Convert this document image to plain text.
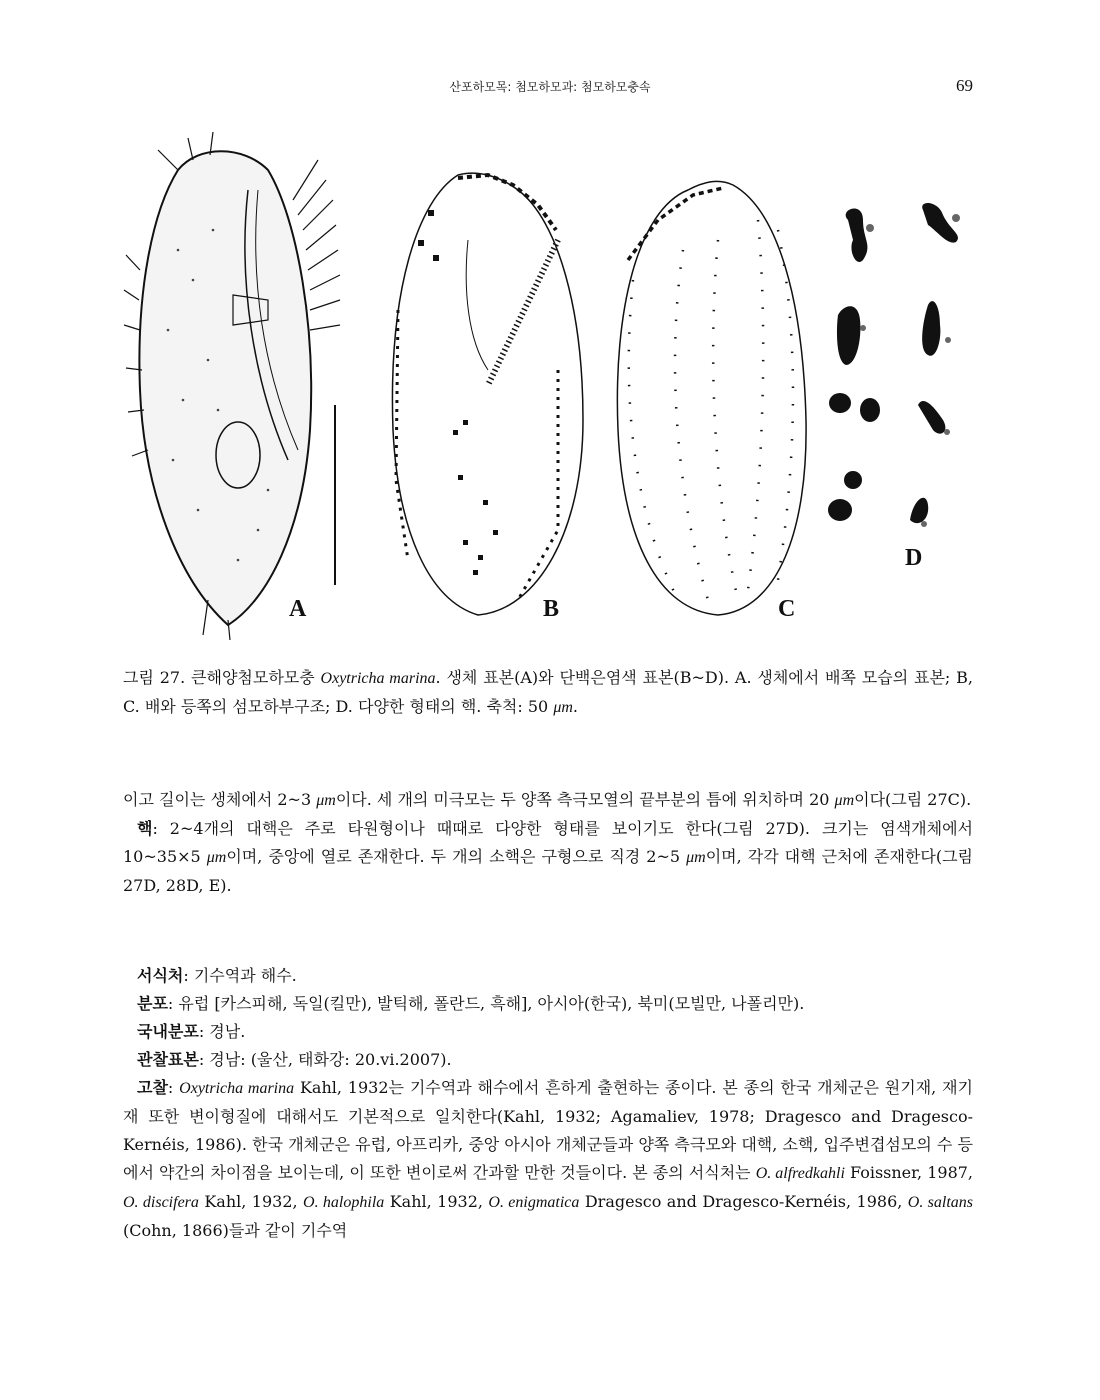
산포하모목: 첨모하모과: 첨모하모충속	69
A	B	C
D

그림 27. 큰해양첨모하모충 Oxytricha marina. 생체 표본(A)와 단백은염색 표본(B~D). A. 생체에서 배쪽 모습의 표본; B, C. 배와 등쪽의 섬모하부구조; D. 다양한 형태의 핵. 축척: 50 μm.

이고 길이는 생체에서 2~3 μm이다. 세 개의 미극모는 두 양쪽 측극모열의 끝부분의 틈에 위치하며 20 μm이다(그림 27C).

핵: 2~4개의 대핵은 주로 타원형이나 때때로 다양한 형태를 보이기도 한다(그림 27D). 크기는 염색개체에서 10~35×5 μm이며, 중앙에 열로 존재한다. 두 개의 소핵은 구형으로 직경 2~5 μm이며, 각각 대핵 근처에 존재한다(그림 27D, 28D, E).

서식처: 기수역과 해수.

분포: 유럽 [카스피해, 독일(킬만), 발틱해, 폴란드, 흑해], 아시아(한국), 북미(모빌만, 나폴리만).

국내분포: 경남.

관찰표본: 경남: (울산, 태화강: 20.vi.2007).

고찰: Oxytricha marina Kahl, 1932는 기수역과 해수에서 흔하게 출현하는 종이다. 본 종의 한국 개체군은 원기재, 재기재 또한 변이형질에 대해서도 기본적으로 일치한다(Kahl, 1932; Agamaliev, 1978; Dragesco and Dragesco-Kernéis, 1986). 한국 개체군은 유럽, 아프리카, 중앙 아시아 개체군들과 양쪽 측극모와 대핵, 소핵, 입주변겹섬모의 수 등에서 약간의 차이점을 보이는데, 이 또한 변이로써 간과할 만한 것들이다. 본 종의 서식처는 O. alfredkahli Foissner, 1987, O. discifera Kahl, 1932, O. halophila Kahl, 1932, O. enigmatica Dragesco and Dragesco-Kernéis, 1986, O. saltans (Cohn, 1866)들과 같이 기수역
